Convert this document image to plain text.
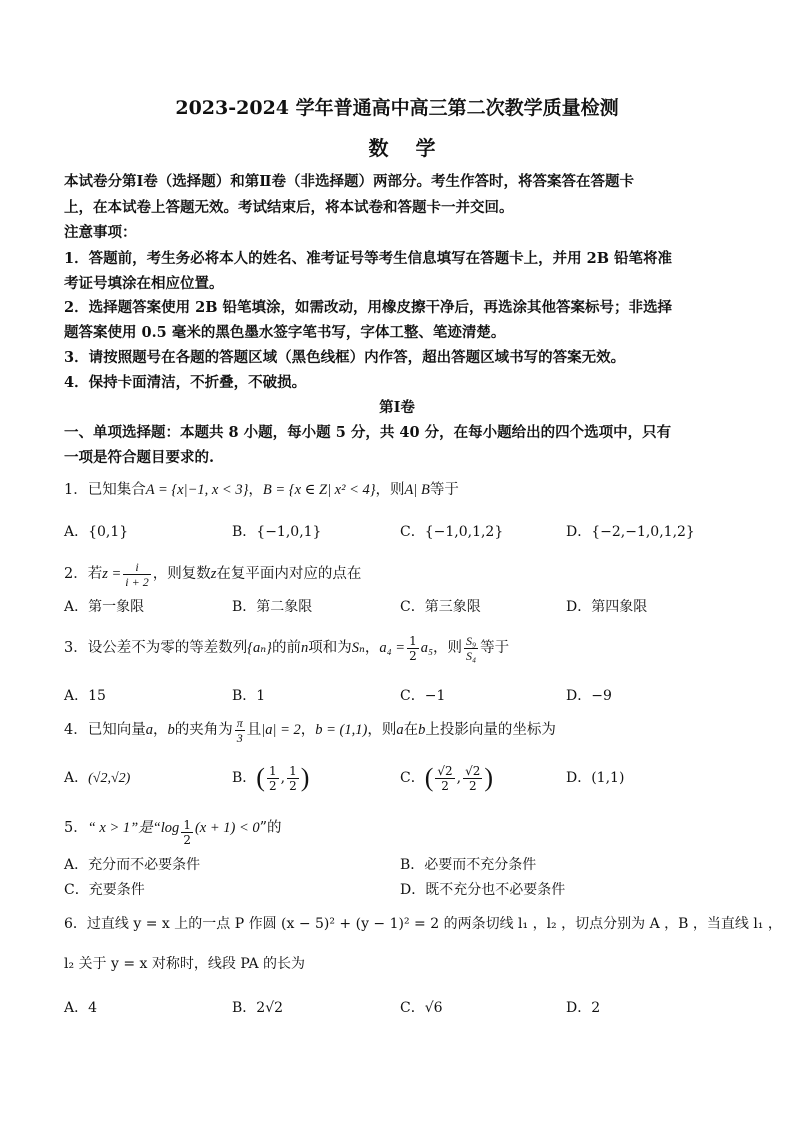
2023-2024 学年普通高中高三第二次教学质量检测
数 学
本试卷分第Ⅰ卷（选择题）和第Ⅱ卷（非选择题）两部分。考生作答时，将答案答在答题卡
上，在本试卷上答题无效。考试结束后，将本试卷和答题卡一并交回。
注意事项：
1．答题前，考生务必将本人的姓名、准考证号等考生信息填写在答题卡上，并用 2B 铅笔将准
考证号填涂在相应位置。
2．选择题答案使用 2B 铅笔填涂，如需改动，用橡皮擦干净后，再选涂其他答案标号；非选择
题答案使用 0.5 毫米的黑色墨水签字笔书写，字体工整、笔迹清楚。
3．请按照题号在各题的答题区域（黑色线框）内作答，超出答题区域书写的答案无效。
4．保持卡面清洁，不折叠，不破损。
第Ⅰ卷
一、单项选择题：本题共 8 小题，每小题 5 分，共 40 分，在每小题给出的四个选项中，只有
一项是符合题目要求的.
1．已知集合A = {x|−1, x < 3}，B = {x ∈ Z| x² < 4}，则A| B等于
A．{0,1}	B．{−1,0,1}	C．{−1,0,1,2}	D．{−2,−1,0,1,2}
2．若$z = \frac{i}{i + 2}$ ，则复数z在复平面内对应的点在
A．第一象限	B．第二象限	C．第三象限	D．第四象限
3．设公差不为零的等差数列{aₙ}的前n项和为Sₙ，$a_4 = \frac{1}{2} a_5$，则 $\frac{\text{S₉}}{\text{S₄}}$ 等于
A．15	B．1	C．−1	D．−9
4．已知向量a，b的夹角为 $\frac{\pi}{3}$ 且|a| = 2，b = (1,1)，则a在b上投影向量的坐标为
A．(√2,√2)	B．( $\frac{1}{2}$ , $\frac{1}{2}$ )	C．( $\frac{√2}{2}$ , $\frac{√2}{2}$ )	D．(1,1)
5．“ x > 1”是“$\log \frac{1}{2} (x + 1) < 0$”的
A．充分而不必要条件	B．必要而不充分条件
C．充要条件	D．既不充分也不必要条件
6．过直线 y = x 上的一点 P 作圆 (x − 5)² + (y − 1)² = 2 的两条切线 l₁ ，l₂ ，切点分别为 A ，B ，当直线 l₁ ，
l₂ 关于 y = x 对称时，线段 PA 的长为
A．4	B．2√2	C．√6	D．2
